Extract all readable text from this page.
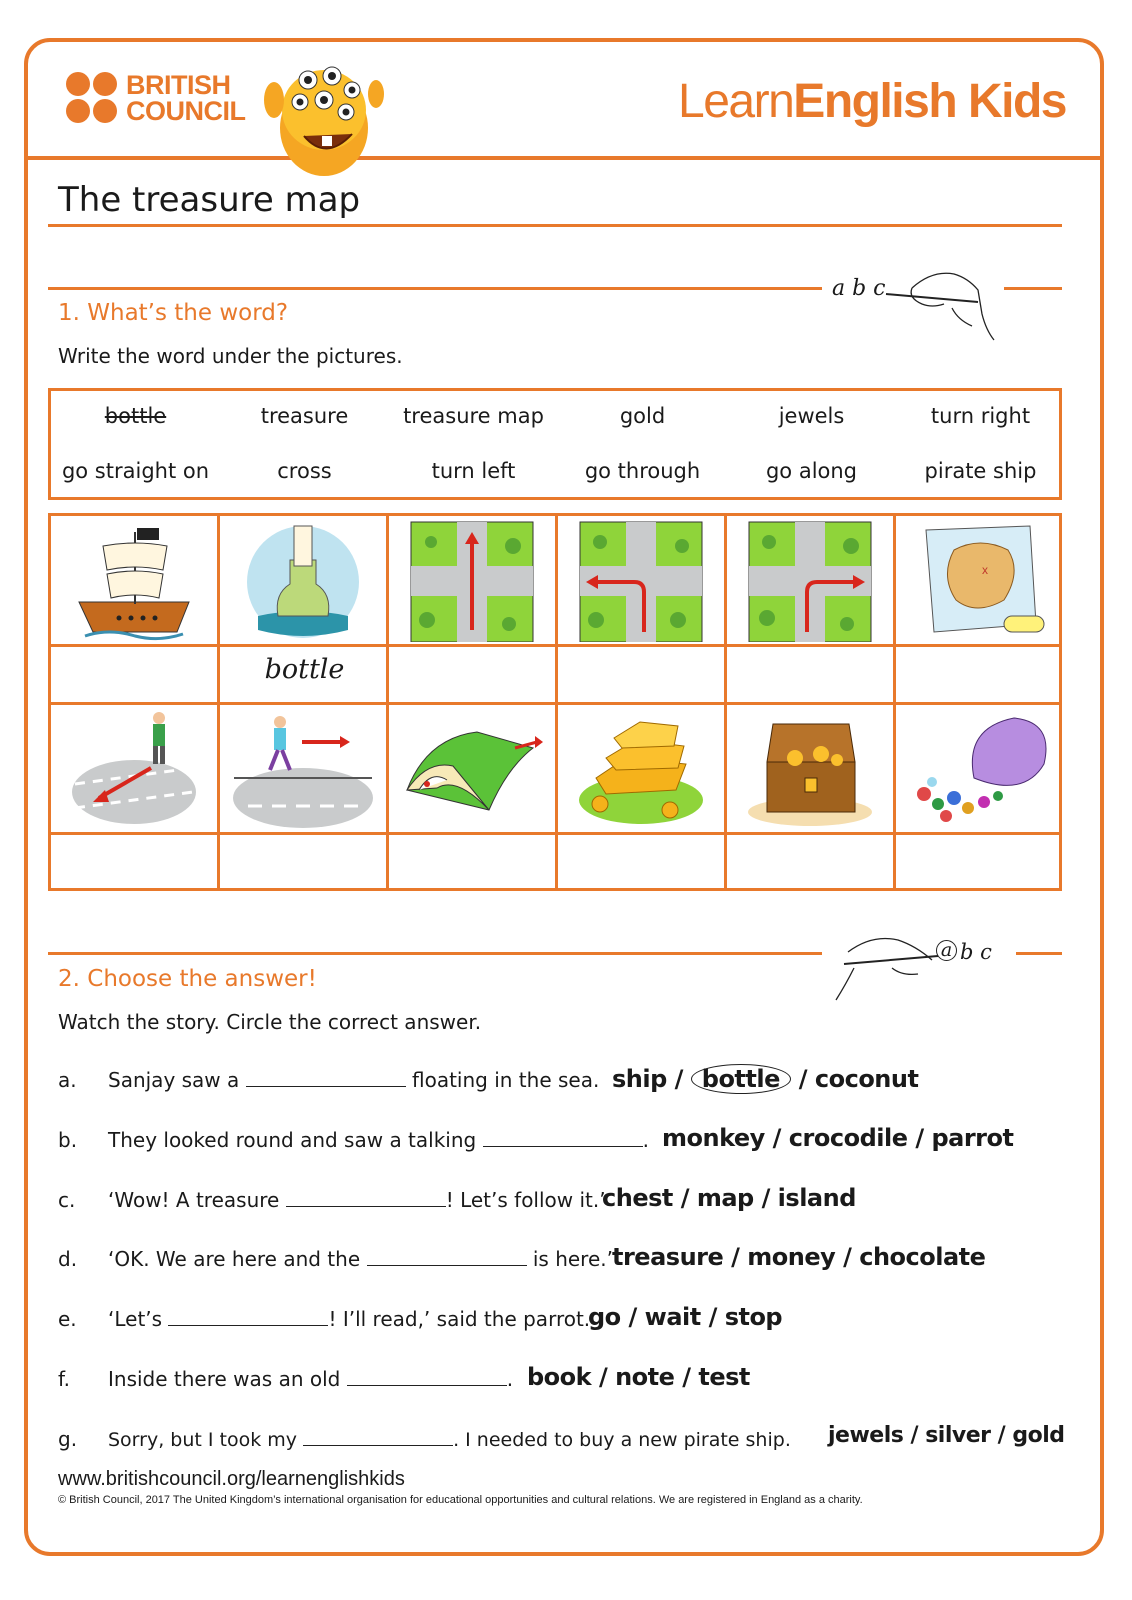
BRITISH
COUNCIL	LearnEnglish Kids
The treasure map
a b c
1. What’s the word?
Write the word under the pictures.
bottle	treasure	treasure map	gold	jewels	turn right
go straight on	cross	turn left	go through	go along	pirate ship
x
bottle
a b c
2. Choose the answer!
Watch the story. Circle the correct answer.
a. Sanjay saw a	floating in the sea. ship / bottle / coconut
b. They looked round and saw a talking	. monkey / crocodile / parrot
c. ‘Wow! A treasure	! Let’s follow it.’
chest / map / island
d. ‘OK. We are here and the	is here.’ treasure / money / chocolate
e. ‘Let’s	! I’ll read,’ said the parrot.
go / wait / stop
f. Inside there was an old	. book / note / test
g. Sorry, but I took my	. I needed to buy a new pirate ship. jewels / silver / gold
www.britishcouncil.org/learnenglishkids
© British Council, 2017 The United Kingdom’s international organisation for educational opportunities and cultural relations. We are registered in England as a charity.
